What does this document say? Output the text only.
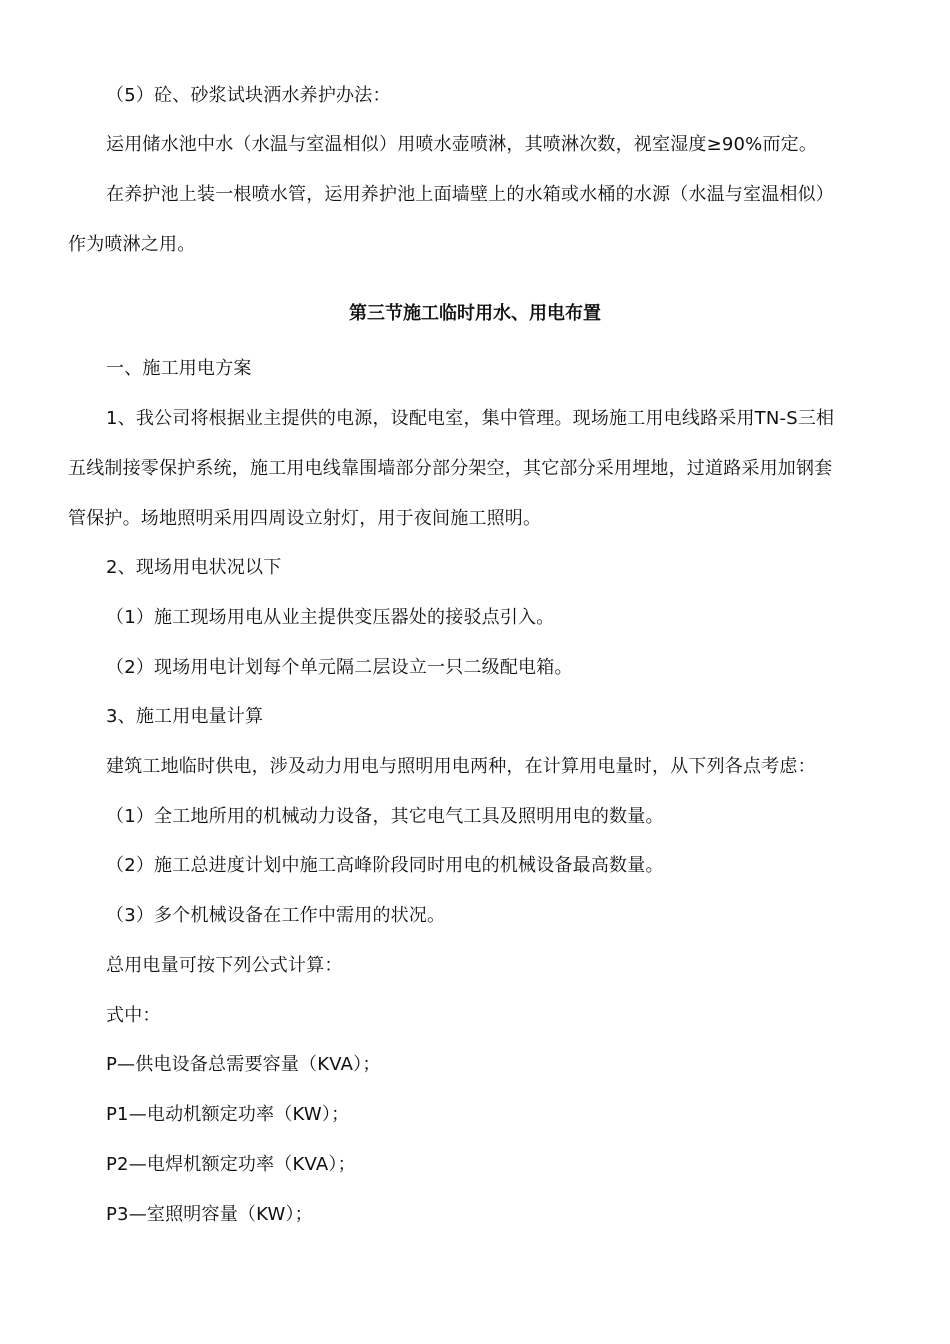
（5）砼、砂浆试块洒水养护办法：
运用储水池中水（水温与室温相似）用喷水壶喷淋，其喷淋次数，视室湿度≥90%而定。
在养护池上装一根喷水管，运用养护池上面墙壁上的水箱或水桶的水源（水温与室温相似）
作为喷淋之用。
第三节施工临时用水、用电布置
一、施工用电方案
1、我公司将根据业主提供的电源，设配电室，集中管理。现场施工用电线路采用TN-S三相
五线制接零保护系统，施工用电线靠围墙部分部分架空，其它部分采用埋地，过道路采用加钢套
管保护。场地照明采用四周设立射灯，用于夜间施工照明。
2、现场用电状况以下
（1）施工现场用电从业主提供变压器处的接驳点引入。
（2）现场用电计划每个单元隔二层设立一只二级配电箱。
3、施工用电量计算
建筑工地临时供电，涉及动力用电与照明用电两种，在计算用电量时，从下列各点考虑：
（1）全工地所用的机械动力设备，其它电气工具及照明用电的数量。
（2）施工总进度计划中施工高峰阶段同时用电的机械设备最高数量。
（3）多个机械设备在工作中需用的状况。
总用电量可按下列公式计算：
式中：
P—供电设备总需要容量（KVA）；
P1—电动机额定功率（KW）；
P2—电焊机额定功率（KVA）；
P3—室照明容量（KW）；
